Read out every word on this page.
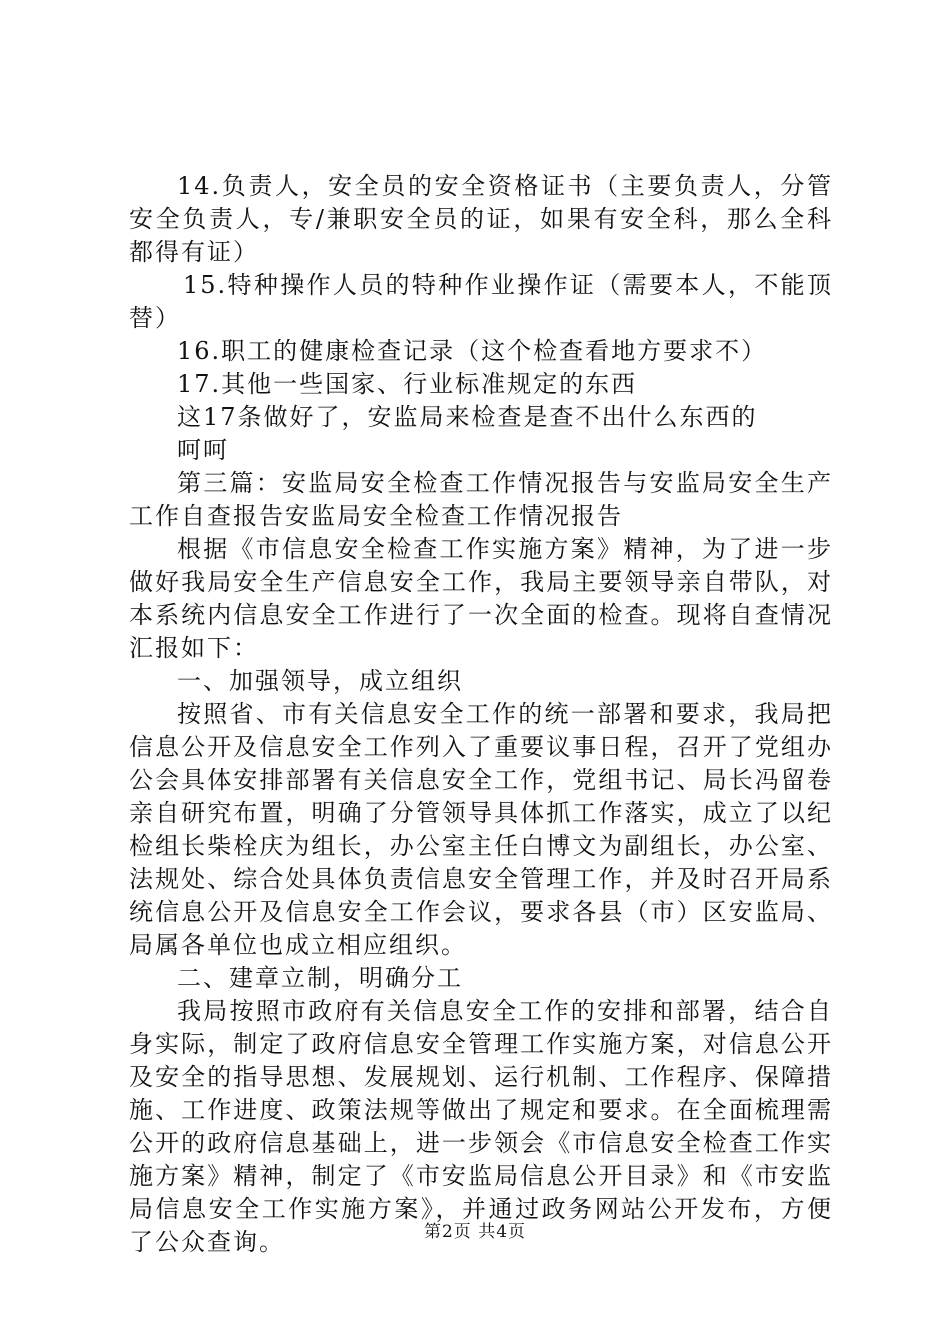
14.负责人，安全员的安全资格证书（主要负责人，分管安全负责人，专/兼职安全员的证，如果有安全科，那么全科都得有证）

15.特种操作人员的特种作业操作证（需要本人，不能顶替）

16.职工的健康检查记录（这个检查看地方要求不）

17.其他一些国家、行业标准规定的东西

这17条做好了，安监局来检查是查不出什么东西的

呵呵

第三篇：安监局安全检查工作情况报告与安监局安全生产工作自查报告安监局安全检查工作情况报告

根据《市信息安全检查工作实施方案》精神，为了进一步做好我局安全生产信息安全工作，我局主要领导亲自带队，对本系统内信息安全工作进行了一次全面的检查。现将自查情况汇报如下：

一、加强领导，成立组织

按照省、市有关信息安全工作的统一部署和要求，我局把信息公开及信息安全工作列入了重要议事日程，召开了党组办公会具体安排部署有关信息安全工作，党组书记、局长冯留卷亲自研究布置，明确了分管领导具体抓工作落实，成立了以纪检组长柴栓庆为组长，办公室主任白博文为副组长，办公室、法规处、综合处具体负责信息安全管理工作，并及时召开局系统信息公开及信息安全工作会议，要求各县（市）区安监局、局属各单位也成立相应组织。

二、建章立制，明确分工

我局按照市政府有关信息安全工作的安排和部署，结合自身实际，制定了政府信息安全管理工作实施方案，对信息公开及安全的指导思想、发展规划、运行机制、工作程序、保障措施、工作进度、政策法规等做出了规定和要求。在全面梳理需公开的政府信息基础上，进一步领会《市信息安全检查工作实施方案》精神，制定了《市安监局信息公开目录》和《市安监局信息安全工作实施方案》，并通过政务网站公开发布，方便了公众查询。	第2页 共4页
